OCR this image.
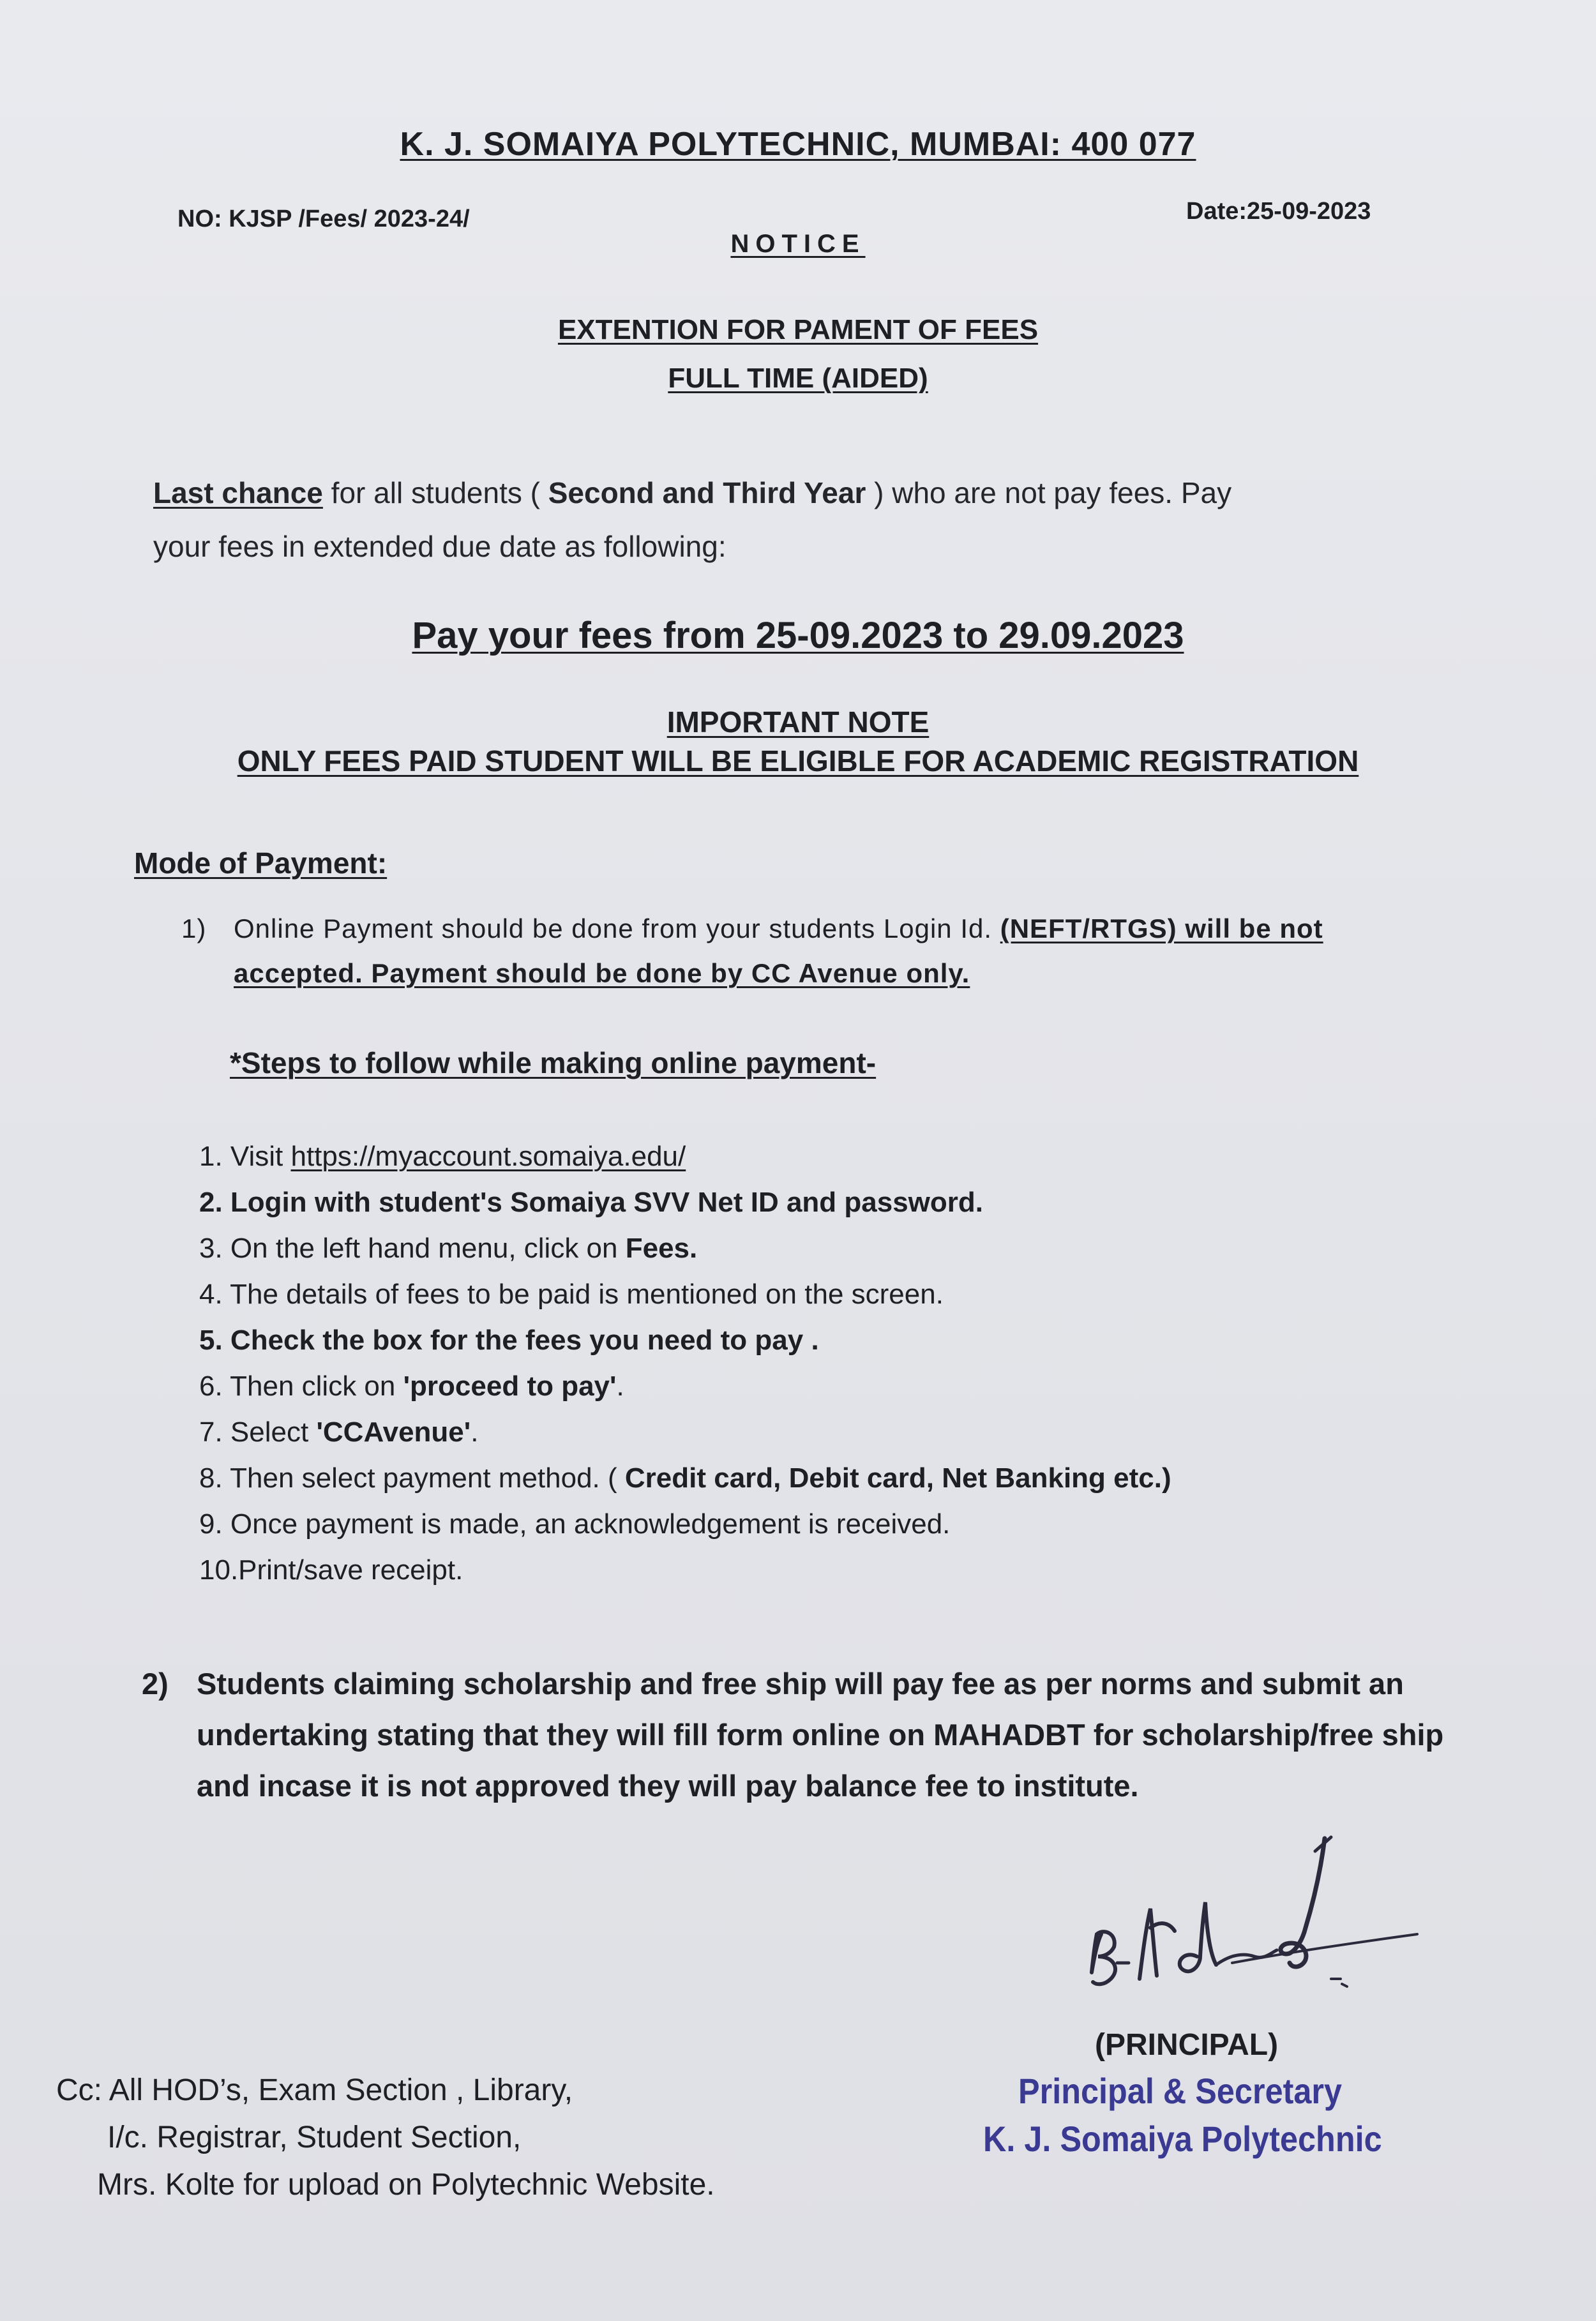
K. J. SOMAIYA POLYTECHNIC, MUMBAI: 400 077
NO: KJSP /Fees/ 2023-24/	Date:25-09-2023
NOTICE
EXTENTION FOR PAMENT OF FEES
FULL TIME (AIDED)
Last chance for all students ( Second and Third Year ) who are not pay fees. Pay
your fees in extended due date as following:
Pay your fees from 25-09.2023 to 29.09.2023
IMPORTANT NOTE
ONLY FEES PAID STUDENT WILL BE ELIGIBLE FOR ACADEMIC REGISTRATION
Mode of Payment:
1) Online Payment should be done from your students Login Id. (NEFT/RTGS) will be not
accepted. Payment should be done by CC Avenue only.
*Steps to follow while making online payment-
1. Visit https://myaccount.somaiya.edu/
2. Login with student's Somaiya SVV Net ID and password.
3. On the left hand menu, click on Fees.
4. The details of fees to be paid is mentioned on the screen.
5. Check the box for the fees you need to pay .
6. Then click on 'proceed to pay'.
7. Select 'CCAvenue'.
8. Then select payment method. ( Credit card, Debit card, Net Banking etc.)
9. Once payment is made, an acknowledgement is received.
10.Print/save receipt.
2) Students claiming scholarship and free ship will pay fee as per norms and submit an
undertaking stating that they will fill form online on MAHADBT for scholarship/free ship
and incase it is not approved they will pay balance fee to institute.
(PRINCIPAL)
Principal & Secretary
K. J. Somaiya Polytechnic
Cc: All HOD’s, Exam Section , Library,
I/c. Registrar, Student Section,
Mrs. Kolte for upload on Polytechnic Website.
